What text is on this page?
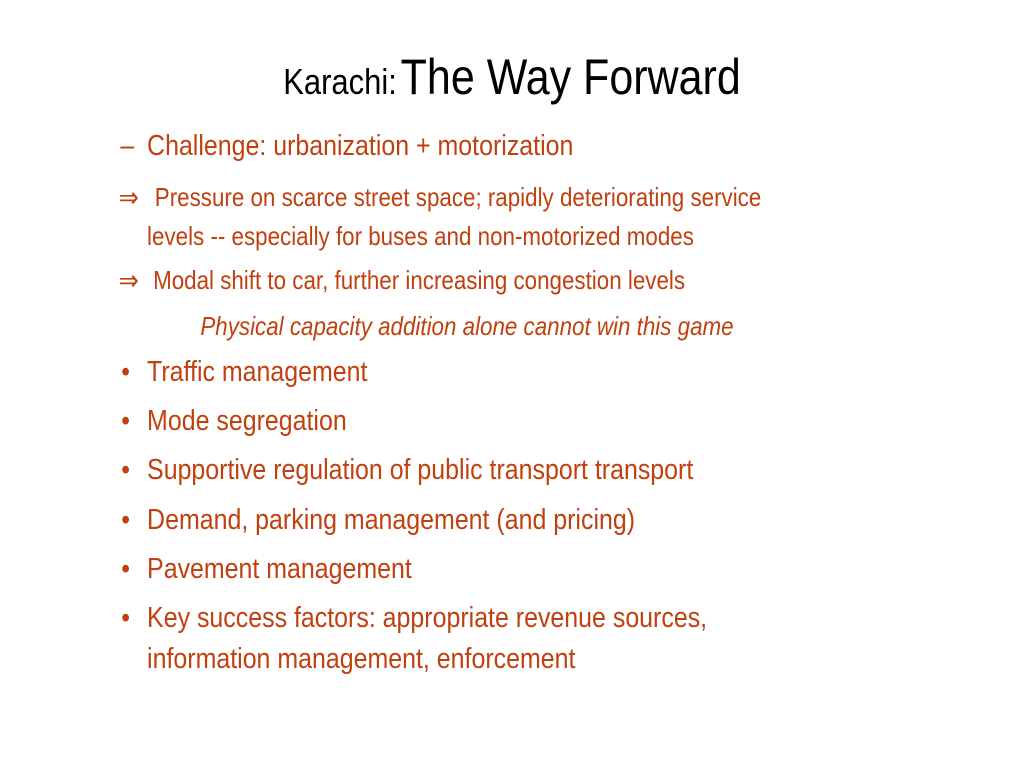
Karachi: The Way Forward
– Challenge: urbanization + motorization
⇒ Pressure on scarce street space; rapidly deteriorating service
levels -- especially for buses and non-motorized modes
⇒ Modal shift to car, further increasing congestion levels
Physical capacity addition alone cannot win this game
• Traffic management
• Mode segregation
• Supportive regulation of public transport transport
• Demand, parking management (and pricing)
• Pavement management
• Key success factors: appropriate revenue sources,
information management, enforcement
